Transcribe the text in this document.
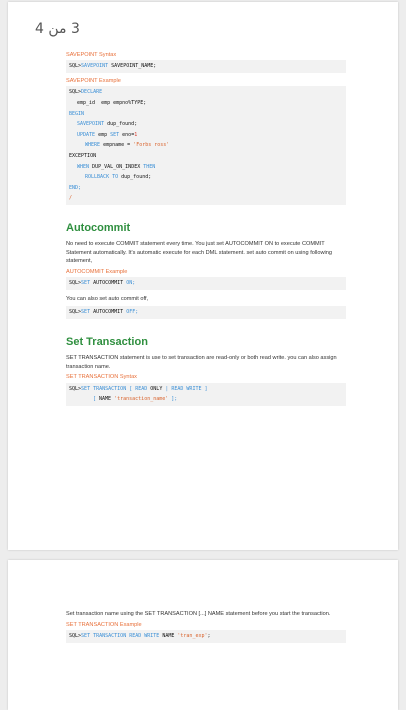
3 من 4
SAVEPOINT Syntax
SQL>SAVEPOINT SAVEPOINT_NAME;
SAVEPOINT Example
SQL>DECLARE
emp_id  emp empno%TYPE;
BEGIN
SAVEPOINT dup_found;
UPDATE emp SET eno=1
WHERE empname = 'Forbs ross'
EXCEPTION
WHEN DUP_VAL_ON_INDEX THEN
ROLLBACK TO dup_found;
END;
/
Autocommit
No need to execute COMMIT statement every time. You just set AUTOCOMMIT ON to execute COMMIT Statement automatically. It's automatic execute for each DML statement. set auto commit on using following statement,
AUTOCOMMIT Example
SQL>SET AUTOCOMMIT ON;
You can also set auto commit off,
SQL>SET AUTOCOMMIT OFF;
Set Transaction
SET TRANSACTION statement is use to set transaction are read-only or both read write. you can also assign transaction name.
SET TRANSACTION Syntax
SQL>SET TRANSACTION [ READ ONLY | READ WRITE ]
[ NAME 'transaction_name' ];
Set transaction name using the SET TRANSACTION [...] NAME statement before you start the transaction.
SET TRANSACTION Example
SQL>SET TRANSACTION READ WRITE NAME 'tran_exp';
